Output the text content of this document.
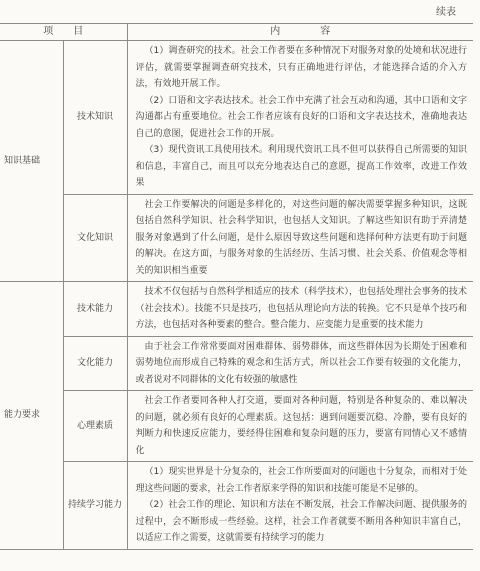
续表
项　　目		内　　　　容
知识基础	技术知识	（1）调查研究的技术。社会工作者要在多种情况下对服务对象的处境和状况进行评估，就需要掌握调查研究技术，只有正确地进行评估，才能选择合适的介入方法，有效地开展工作。

（2）口语和文字表达技术。社会工作中充满了社会互动和沟通，其中口语和文字沟通都占有重要地位。社会工作者应该有良好的口语和文字表达技术，准确地表达自己的意图，促进社会工作的开展。

（3）现代资讯工具使用技术。利用现代资讯工具不但可以获得自己所需要的知识和信息，丰富自己，而且可以充分地表达自己的意愿，提高工作效率，改进工作效果

	文化知识	社会工作要解决的问题是多样化的，对这些问题的解决需要掌握多种知识，这既包括自然科学知识、社会科学知识，也包括人文知识。了解这些知识有助于弄清楚服务对象遇到了什么问题，是什么原因导致这些问题和选择何种方法更有助于问题的解决。在这方面，与服务对象的生活经历、生活习惯、社会关系、价值观念等相关的知识相当重要

能力要求	技术能力	技术不仅包括与自然科学相适应的技术（科学技术），也包括处理社会事务的技术（社会技术）。技能不只是技巧，也包括从理论向方法的转换。它不只是单个技巧和方法，也包括对各种要素的整合。整合能力、应变能力是重要的技术能力

	文化能力	由于社会工作常常要面对困难群体、弱势群体，而这些群体因为长期处于困难和弱势地位而形成自己特殊的观念和生活方式，所以社会工作要有较强的文化能力，或者说对不同群体的文化有较强的敏感性

	心理素质	社会工作者要同各种人打交道，要面对各种问题，特别是各种复杂的、难以解决的问题，就必须有良好的心理素质。这包括：遇到问题要沉稳、冷静，要有良好的判断力和快速反应能力，要经得住困难和复杂问题的压力，要富有同情心又不感情化

	持续学习能力	（1）现实世界是十分复杂的，社会工作所要面对的问题也十分复杂，而相对于处理这些问题的要求，社会工作者原来学得的知识和技能可能是不足够的。

（2）社会工作的理论、知识和方法在不断发展，社会工作解决问题、提供服务的过程中，会不断形成一些经验。这样，社会工作者就要不断用各种知识丰富自己，以适应工作之需要，这就需要有持续学习的能力
